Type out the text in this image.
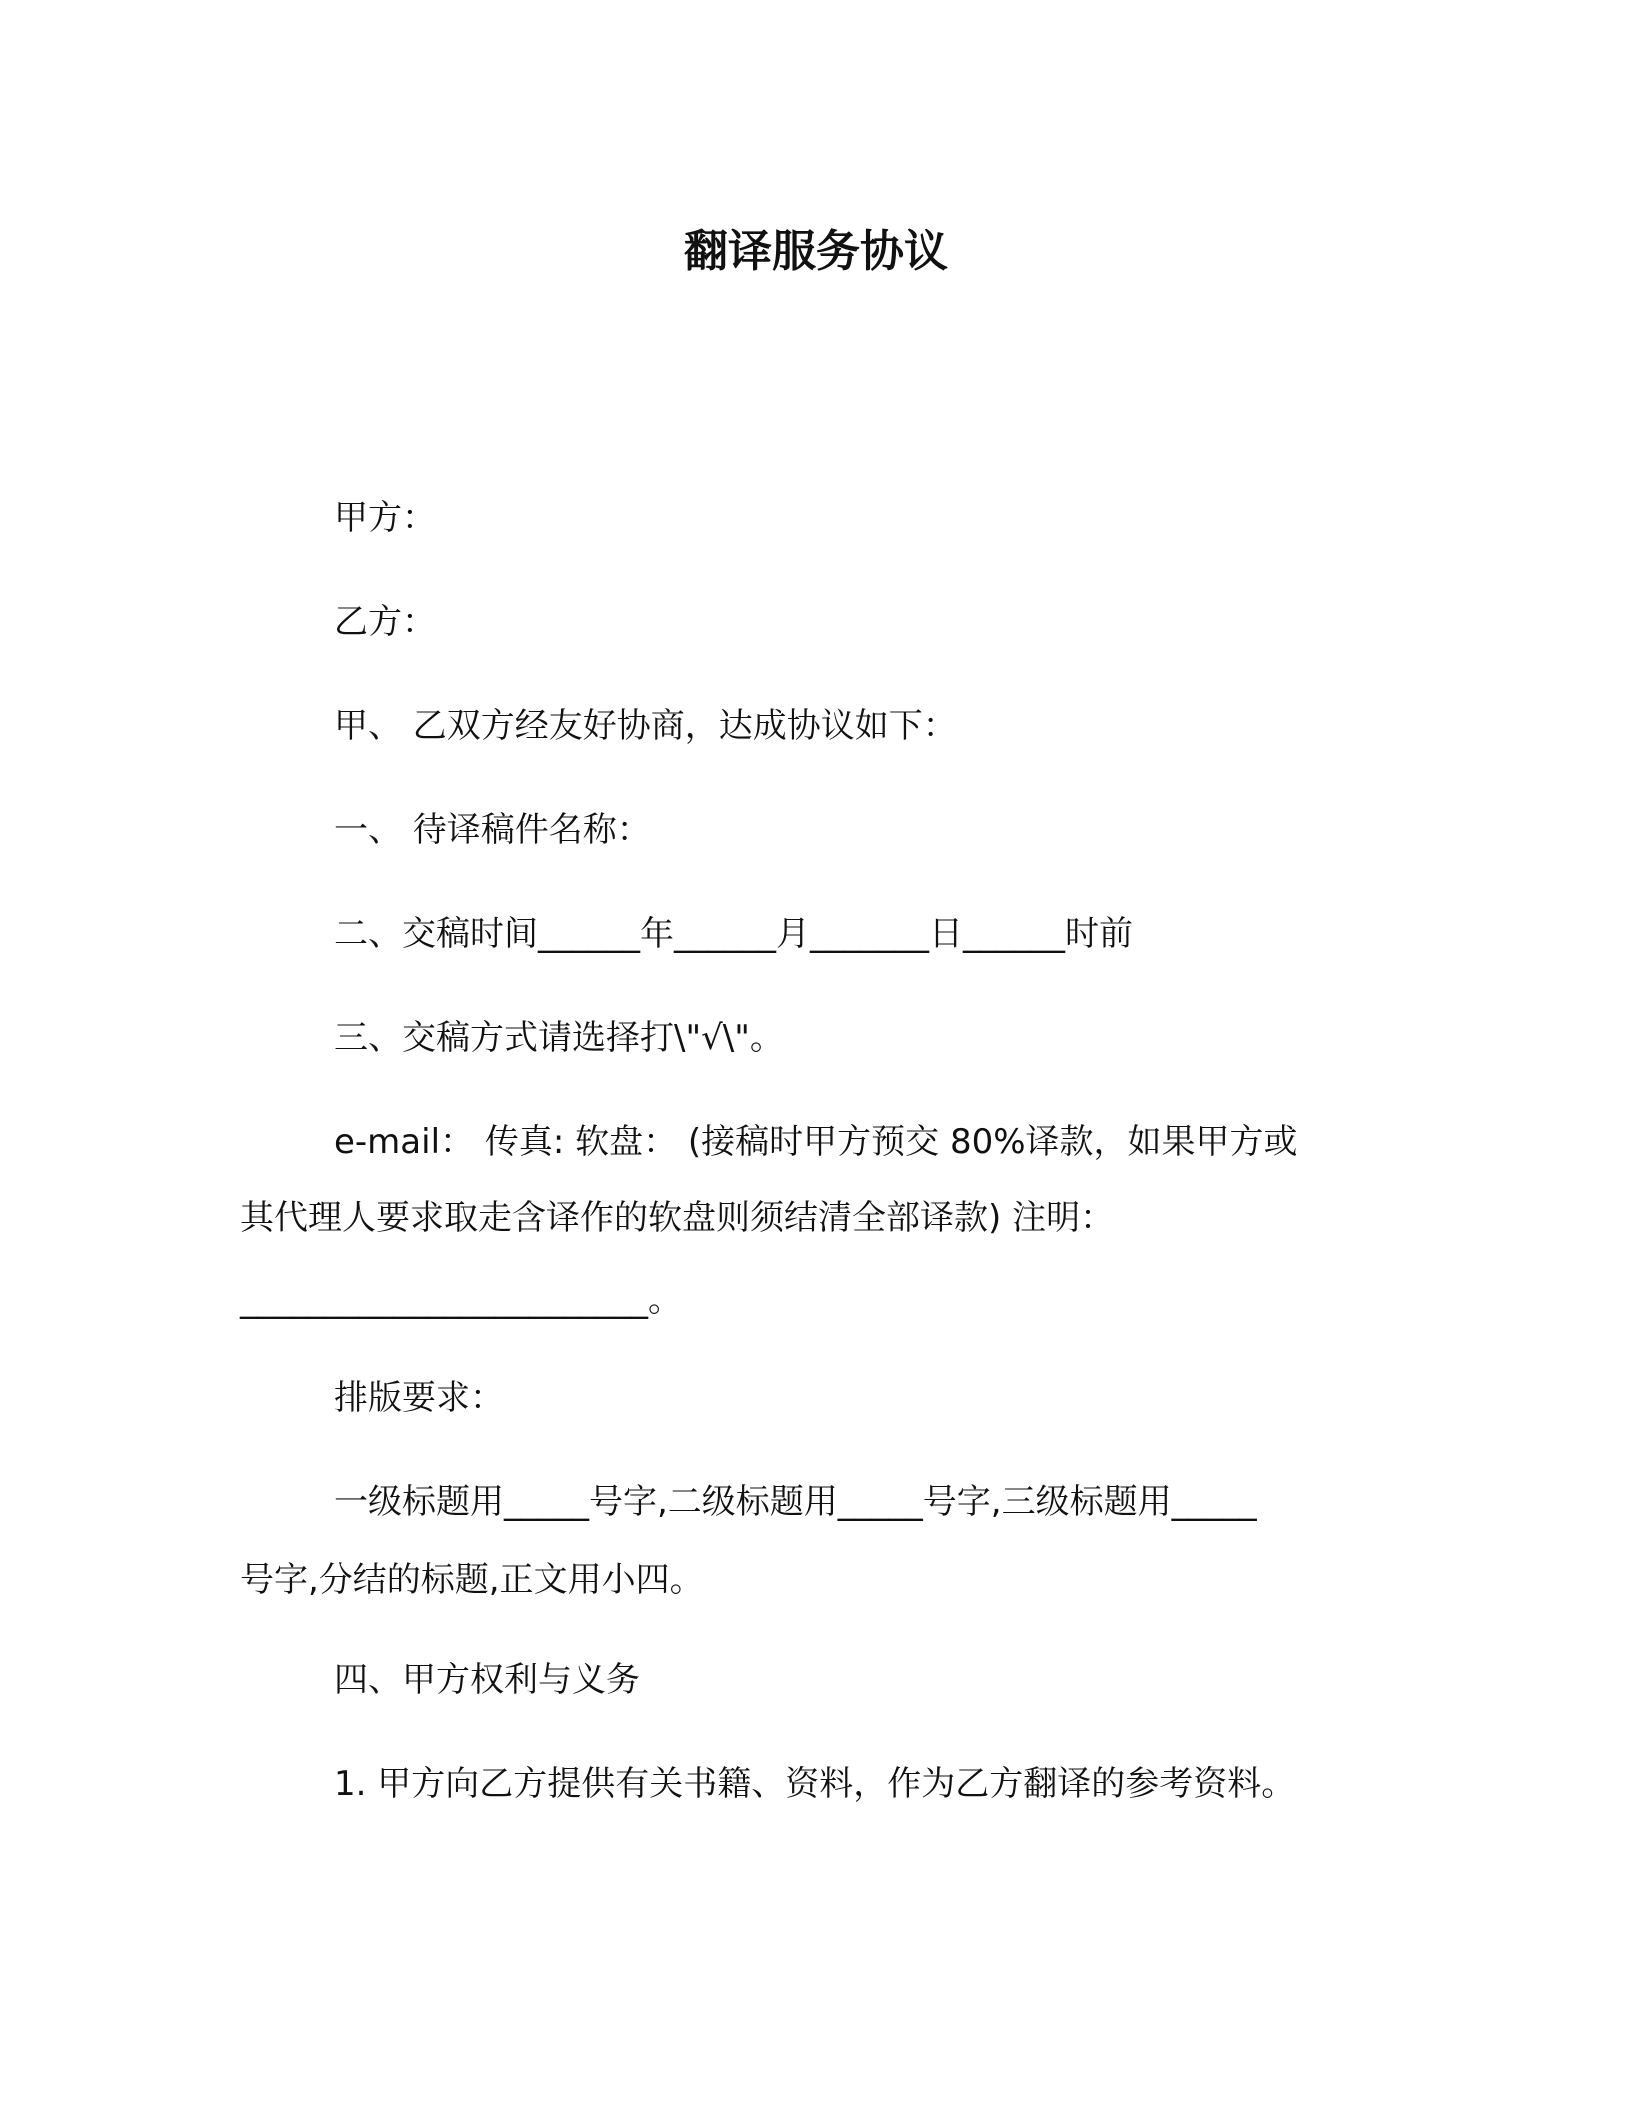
翻译服务协议
甲方：
乙方：
甲、 乙双方经友好协商，达成协议如下：
一、 待译稿件名称：
二、交稿时间______年______月_______日______时前
三、交稿方式请选择打\"√\"。
e-mail： 传真: 软盘： (接稿时甲方预交 80%译款，如果甲方或
其代理人要求取走含译作的软盘则须结清全部译款) 注明：
________________________。
排版要求：
一级标题用_____号字,二级标题用_____号字,三级标题用_____
号字,分结的标题,正文用小四。
四、甲方权利与义务
1. 甲方向乙方提供有关书籍、资料，作为乙方翻译的参考资料。
